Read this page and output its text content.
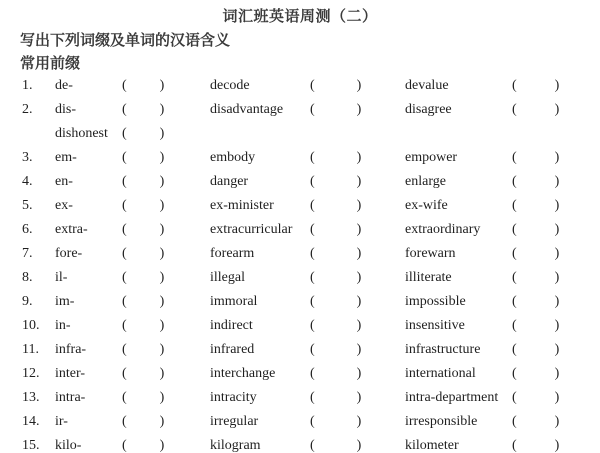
词汇班英语周测（二）
写出下列词缀及单词的汉语含义
常用前缀
1.	de-	( )	decode	(	)	devalue	(	)
2.	dis-	( )	disadvantage	(	)	disagree	(	)
dishonest	( )
3.	em-	( )	embody	(	)	empower	(	)
4.	en-	( )	danger	(	)	enlarge	(	)
5.	ex-	( )	ex-minister	(	)	ex-wife	(	)
6.	extra-	( )	extracurricular	(	)	extraordinary	(	)
7.	fore-	( )	forearm	(	)	forewarn	(	)
8.	il-	( )	illegal	(	)	illiterate	(	)
9.	im-	( )	immoral	(	)	impossible	(	)
10.	in-	( )	indirect	(	)	insensitive	(	)
11.	infra-	( )	infrared	(	)	infrastructure	(	)
12.	inter-	( )	interchange	(	)	international	(	)
13.	intra-	( )	intracity	(	)	intra-department (	)
14.	ir-	( )	irregular	(	)	irresponsible	(	)
15.	kilo-	( )	kilogram	(	)	kilometer	(	)
